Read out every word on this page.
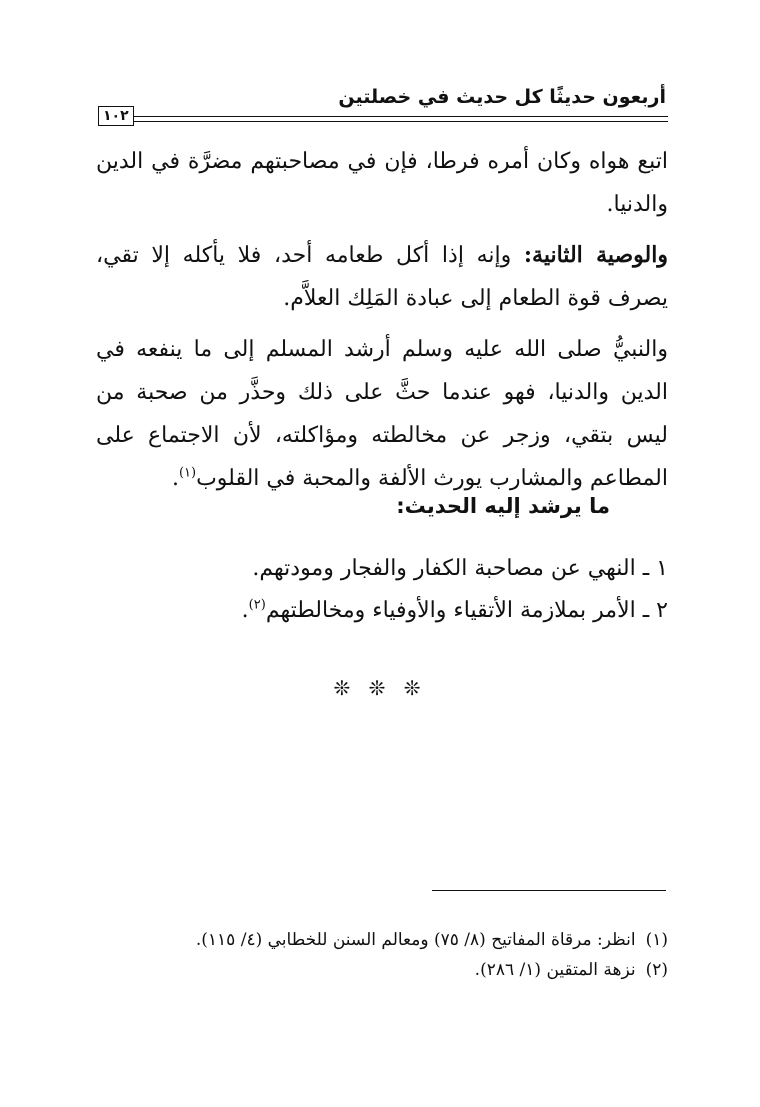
أربعون حديثًا كل حديث في خصلتين
١٠٢

اتبع هواه وكان أمره فرطا، فإن في مصاحبتهم مضرَّة في الدين والدنيا.

والوصية الثانية: وإنه إذا أكل طعامه أحد، فلا يأكله إلا تقي، يصرف قوة الطعام إلى عبادة المَلِك العلاَّم.

والنبيُّ صلى الله عليه وسلم أرشد المسلم إلى ما ينفعه في الدين والدنيا، فهو عندما حثَّ على ذلك وحذَّر من صحبة من ليس بتقي، وزجر عن مخالطته ومؤاكلته، لأن الاجتماع على المطاعم والمشارب يورث الألفة والمحبة في القلوب$^{(١)}$.

ما يرشد إليه الحديث:
١ ـ النهي عن مصاحبة الكفار والفجار ومودتهم.
٢ ـ الأمر بملازمة الأتقياء والأوفياء ومخالطتهم$^{(٢)}$.
❊ ❊ ❊
(١)انظر: مرقاة المفاتيح (٨/ ٧٥) ومعالم السنن للخطابي (٤/ ١١٥).
(٢)نزهة المتقين (١/ ٢٨٦).
